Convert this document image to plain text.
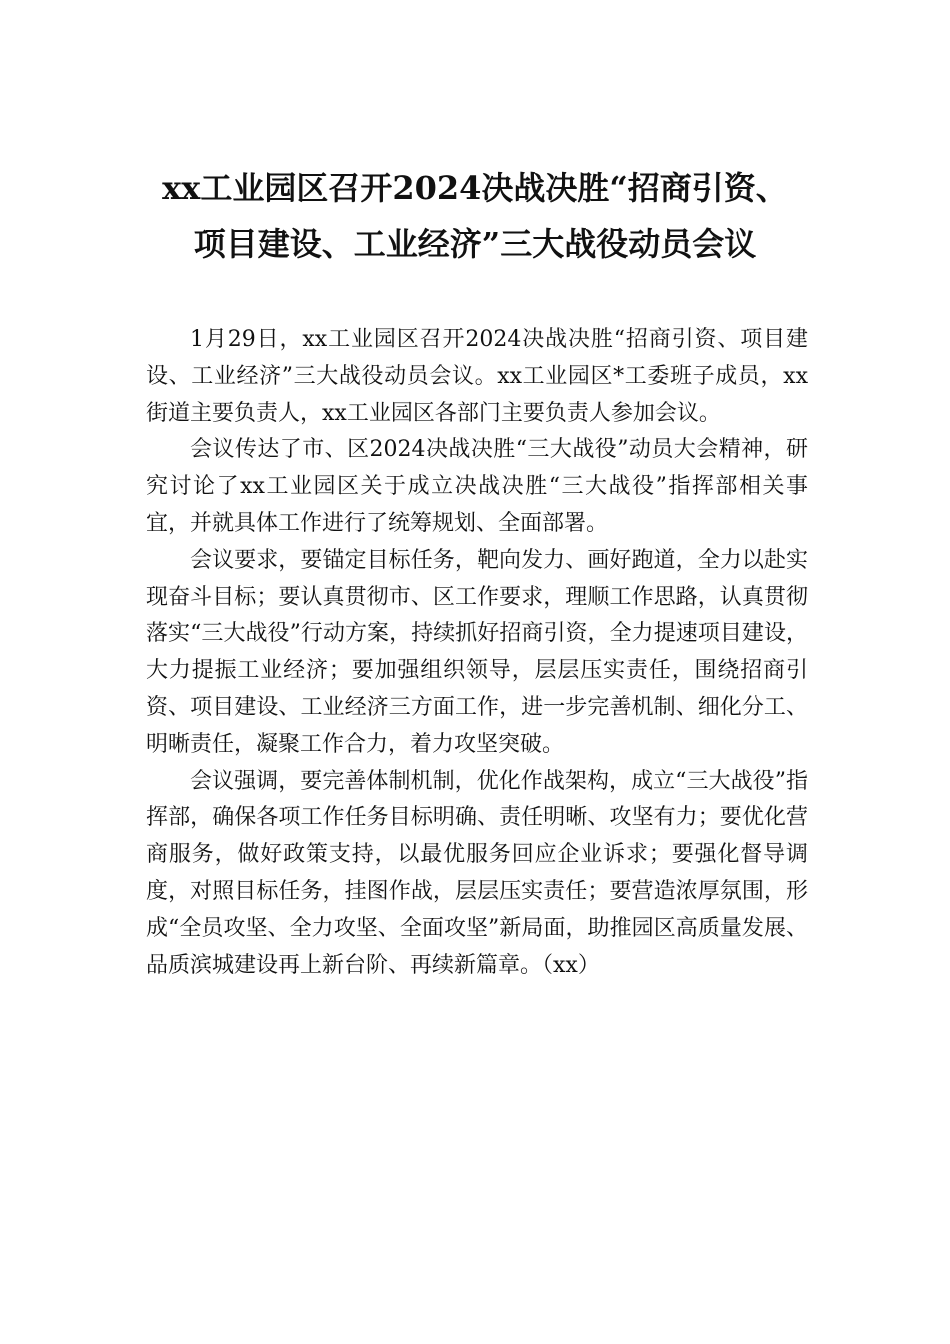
xx工业园区召开2024决战决胜“招商引资、
项目建设、工业经济”三大战役动员会议

1月29日，xx工业园区召开2024决战决胜“招商引资、项目建设、工业经济”三大战役动员会议。xx工业园区*工委班子成员，xx街道主要负责人，xx工业园区各部门主要负责人参加会议。

会议传达了市、区2024决战决胜“三大战役”动员大会精神，研究讨论了xx工业园区关于成立决战决胜“三大战役”指挥部相关事宜，并就具体工作进行了统筹规划、全面部署。

会议要求，要锚定目标任务，靶向发力、画好跑道，全力以赴实现奋斗目标；要认真贯彻市、区工作要求，理顺工作思路，认真贯彻落实“三大战役”行动方案，持续抓好招商引资，全力提速项目建设，大力提振工业经济；要加强组织领导，层层压实责任，围绕招商引资、项目建设、工业经济三方面工作，进一步完善机制、细化分工、明晰责任，凝聚工作合力，着力攻坚突破。

会议强调，要完善体制机制，优化作战架构，成立“三大战役”指挥部，确保各项工作任务目标明确、责任明晰、攻坚有力；要优化营商服务，做好政策支持，以最优服务回应企业诉求；要强化督导调度，对照目标任务，挂图作战，层层压实责任；要营造浓厚氛围，形成“全员攻坚、全力攻坚、全面攻坚”新局面，助推园区高质量发展、品质滨城建设再上新台阶、再续新篇章。（xx）
